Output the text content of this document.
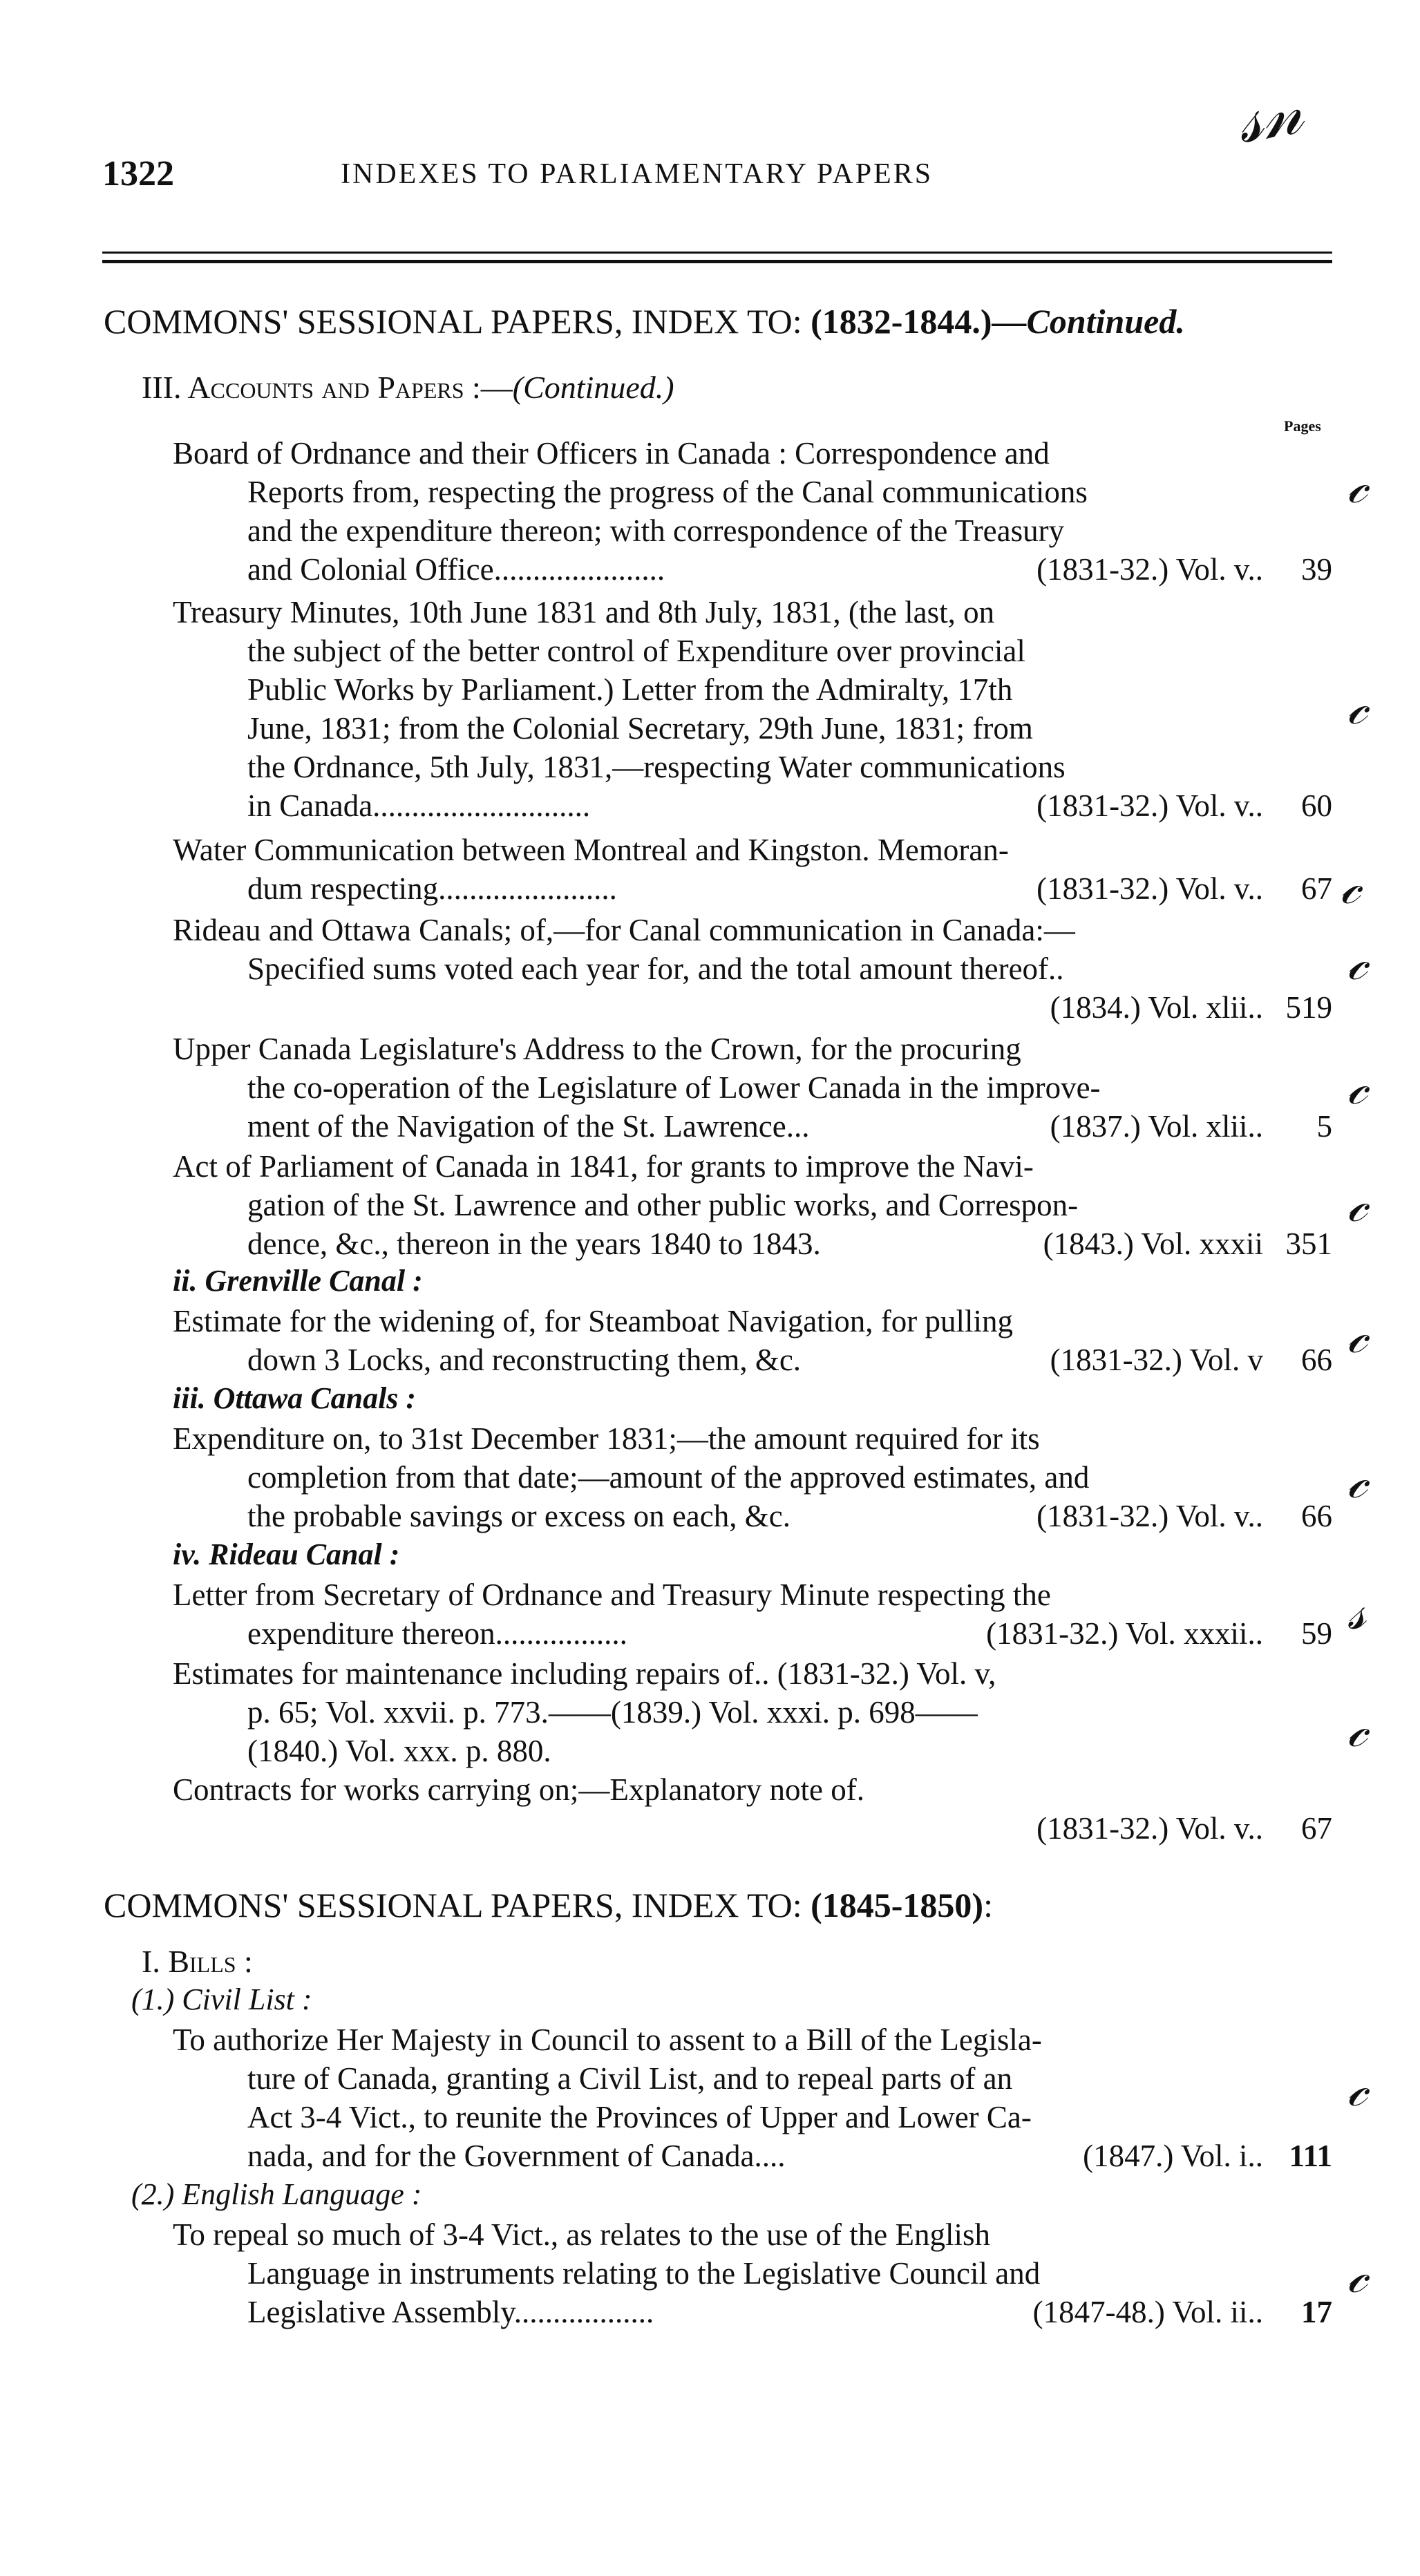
𝓈𝓃
1322	INDEXES TO PARLIAMENTARY PAPERS
COMMONS' SESSIONAL PAPERS, INDEX TO: (1832-1844.)—Continued.
III. Accounts and Papers :—(Continued.)
Pages
Board of Ordnance and their Officers in Canada : Correspondence and
Reports from, respecting the progress of the Canal communications
and the expenditure thereon; with correspondence of the Treasury
and Colonial Office......................	(1831-32.) Vol. v..	39
Treasury Minutes, 10th June 1831 and 8th July, 1831, (the last, on
the subject of the better control of Expenditure over provincial
Public Works by Parliament.) Letter from the Admiralty, 17th
June, 1831; from the Colonial Secretary, 29th June, 1831; from
the Ordnance, 5th July, 1831,—respecting Water communications
in Canada............................	(1831-32.) Vol. v..	60
Water Communication between Montreal and Kingston. Memoran-
dum respecting.......................	(1831-32.) Vol. v..	67
Rideau and Ottawa Canals; of,—for Canal communication in Canada:—
Specified sums voted each year for, and the total amount thereof..
(1834.) Vol. xlii.. 519
Upper Canada Legislature's Address to the Crown, for the procuring
the co-operation of the Legislature of Lower Canada in the improve-
ment of the Navigation of the St. Lawrence...	(1837.) Vol. xlii..	5
Act of Parliament of Canada in 1841, for grants to improve the Navi-
gation of the St. Lawrence and other public works, and Correspon-
dence, &c., thereon in the years 1840 to 1843.	(1843.) Vol. xxxii 351
ii. Grenville Canal :
Estimate for the widening of, for Steamboat Navigation, for pulling
down 3 Locks, and reconstructing them, &c.	(1831-32.) Vol. v	66
iii. Ottawa Canals :
Expenditure on, to 31st December 1831;—the amount required for its
completion from that date;—amount of the approved estimates, and
the probable savings or excess on each, &c.	(1831-32.) Vol. v..	66
iv. Rideau Canal :
Letter from Secretary of Ordnance and Treasury Minute respecting the
expenditure thereon.................	(1831-32.) Vol. xxxii..	59
Estimates for maintenance including repairs of.. (1831-32.) Vol. v,
p. 65; Vol. xxvii. p. 773.——(1839.) Vol. xxxi. p. 698——
(1840.) Vol. xxx. p. 880.
Contracts for works carrying on;—Explanatory note of.
(1831-32.) Vol. v..	67
COMMONS' SESSIONAL PAPERS, INDEX TO: (1845-1850):
I. Bills :
(1.) Civil List :
To authorize Her Majesty in Council to assent to a Bill of the Legisla-
ture of Canada, granting a Civil List, and to repeal parts of an
Act 3-4 Vict., to reunite the Provinces of Upper and Lower Ca-
nada, and for the Government of Canada....	(1847.) Vol. i.. 111
(2.) English Language :
To repeal so much of 3-4 Vict., as relates to the use of the English
Language in instruments relating to the Legislative Council and
Legislative Assembly..................	(1847-48.) Vol. ii..	17
𝒸
𝒸
𝒸
𝒸
𝒸
𝒸
𝒸
𝒸
𝓈
𝒸
𝒸
𝒸
